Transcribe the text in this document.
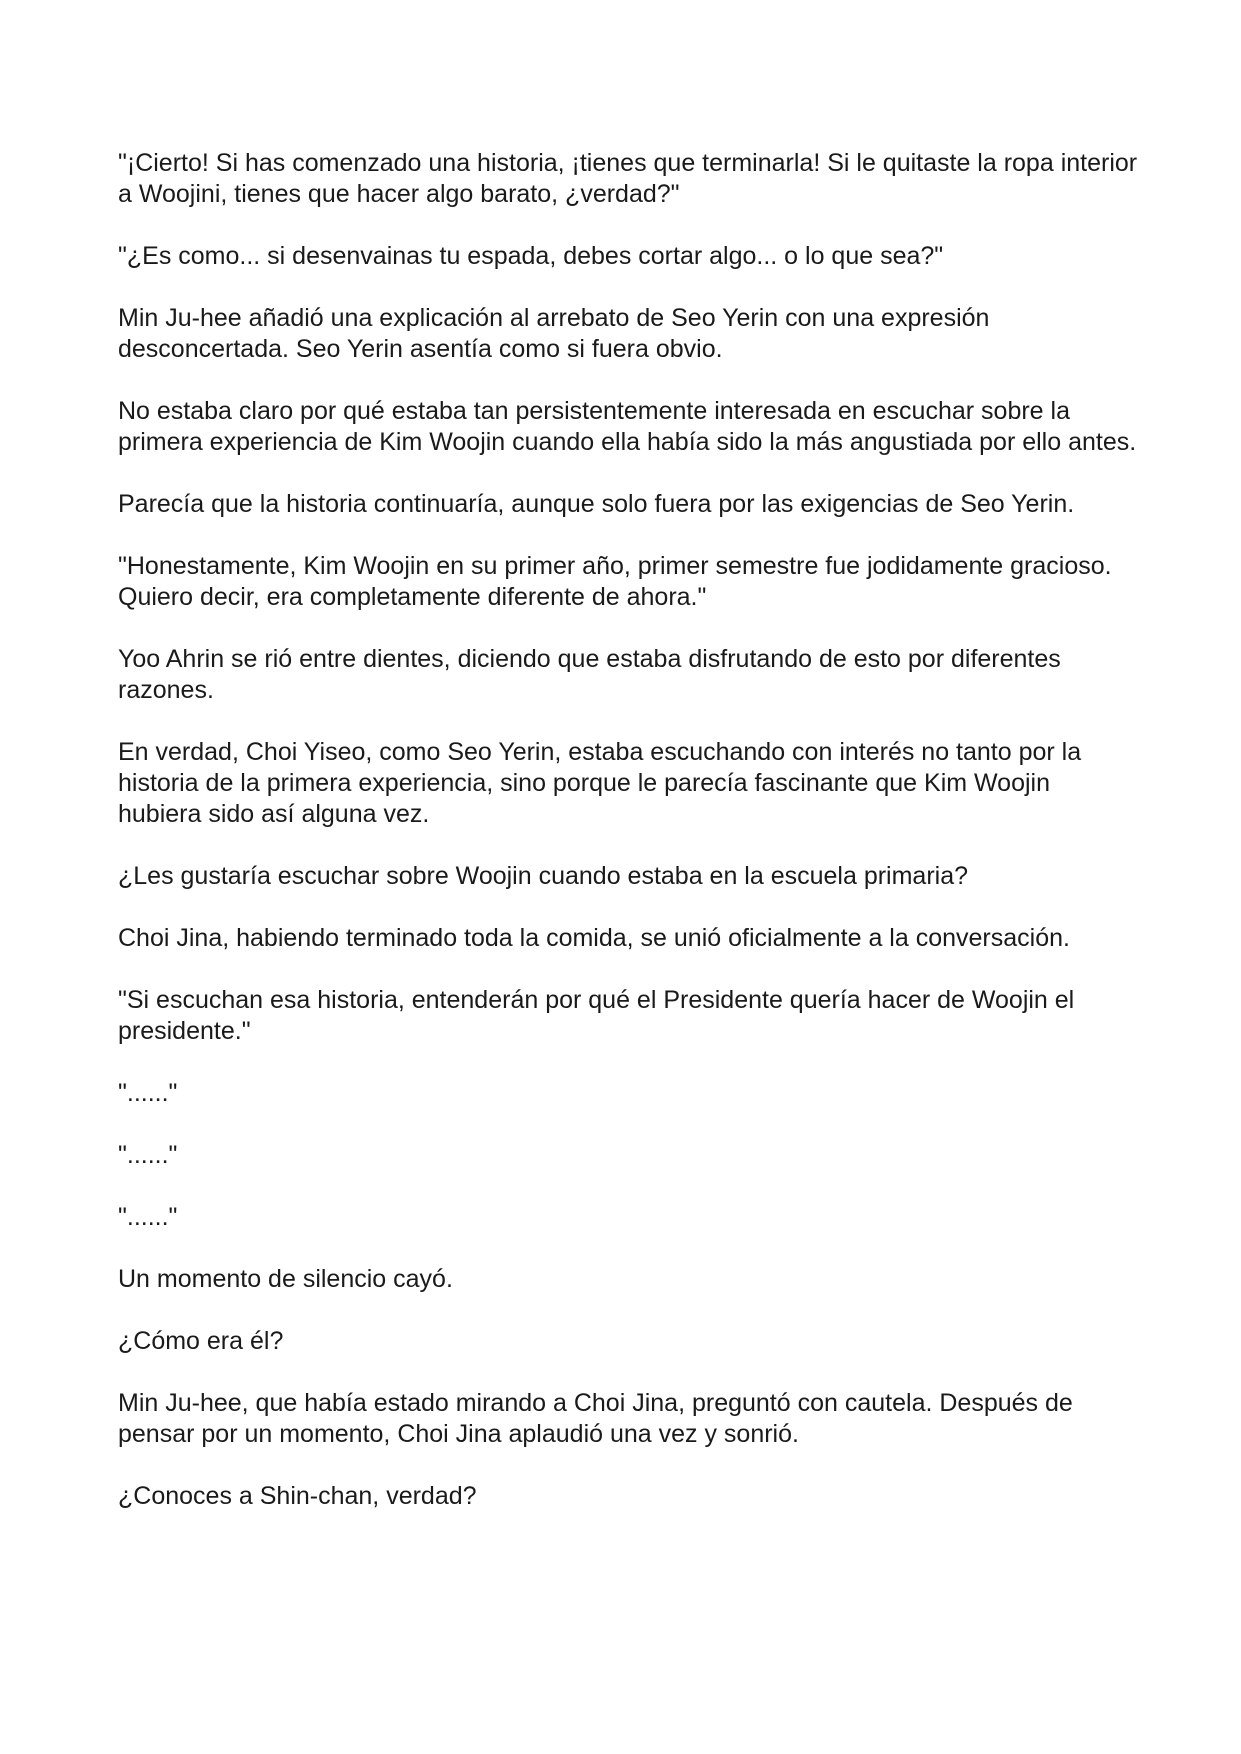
"¡Cierto! Si has comenzado una historia, ¡tienes que terminarla! Si le quitaste la ropa interior a Woojini, tienes que hacer algo barato, ¿verdad?"

"¿Es como... si desenvainas tu espada, debes cortar algo... o lo que sea?"

Min Ju-hee añadió una explicación al arrebato de Seo Yerin con una expresión desconcertada. Seo Yerin asentía como si fuera obvio.

No estaba claro por qué estaba tan persistentemente interesada en escuchar sobre la primera experiencia de Kim Woojin cuando ella había sido la más angustiada por ello antes.

Parecía que la historia continuaría, aunque solo fuera por las exigencias de Seo Yerin.

"Honestamente, Kim Woojin en su primer año, primer semestre fue jodidamente gracioso. Quiero decir, era completamente diferente de ahora."

Yoo Ahrin se rió entre dientes, diciendo que estaba disfrutando de esto por diferentes razones.

En verdad, Choi Yiseo, como Seo Yerin, estaba escuchando con interés no tanto por la historia de la primera experiencia, sino porque le parecía fascinante que Kim Woojin hubiera sido así alguna vez.

¿Les gustaría escuchar sobre Woojin cuando estaba en la escuela primaria?

Choi Jina, habiendo terminado toda la comida, se unió oficialmente a la conversación.

"Si escuchan esa historia, entenderán por qué el Presidente quería hacer de Woojin el presidente."

"......"

"......"

"......"

Un momento de silencio cayó.

¿Cómo era él?

Min Ju-hee, que había estado mirando a Choi Jina, preguntó con cautela. Después de pensar por un momento, Choi Jina aplaudió una vez y sonrió.

¿Conoces a Shin-chan, verdad?
